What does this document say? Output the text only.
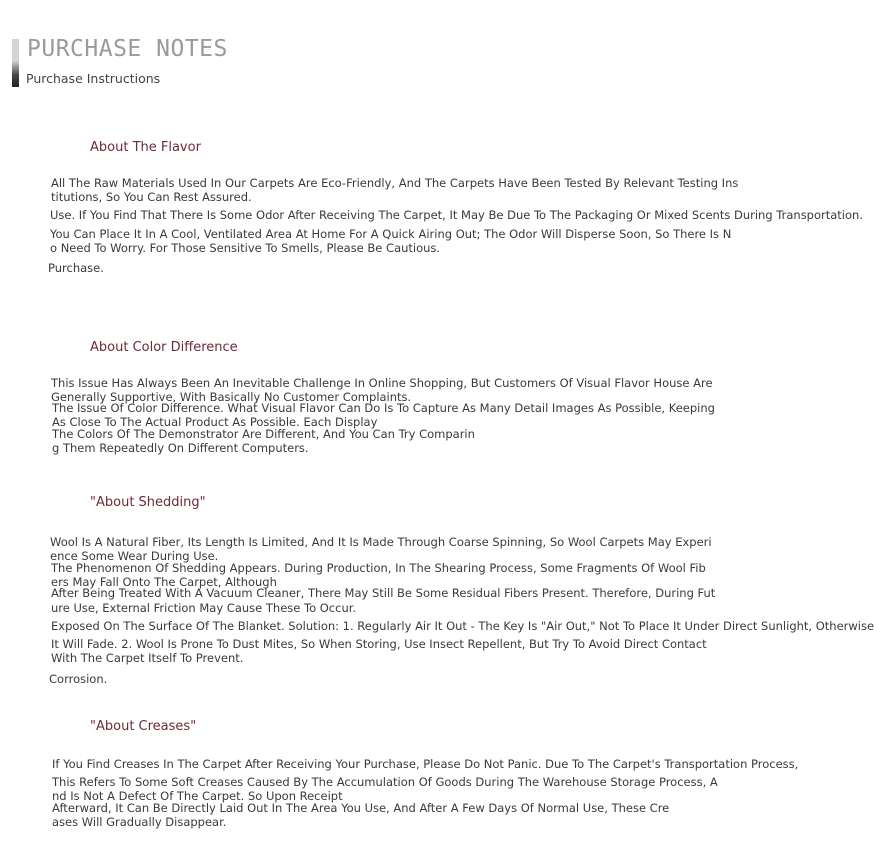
PURCHASE NOTES
Purchase Instructions
About The Flavor
All The Raw Materials Used In Our Carpets Are Eco-Friendly, And The Carpets Have Been Tested By Relevant Testing Ins
titutions, So You Can Rest Assured.
Use. If You Find That There Is Some Odor After Receiving The Carpet, It May Be Due To The Packaging Or Mixed Scents During Transportation.
You Can Place It In A Cool, Ventilated Area At Home For A Quick Airing Out; The Odor Will Disperse Soon, So There Is N
o Need To Worry. For Those Sensitive To Smells, Please Be Cautious.
Purchase.
About Color Difference
This Issue Has Always Been An Inevitable Challenge In Online Shopping, But Customers Of Visual Flavor House Are
Generally Supportive, With Basically No Customer Complaints.
The Issue Of Color Difference. What Visual Flavor Can Do Is To Capture As Many Detail Images As Possible, Keeping
As Close To The Actual Product As Possible. Each Display
The Colors Of The Demonstrator Are Different, And You Can Try Comparin
g Them Repeatedly On Different Computers.
"About Shedding"
Wool Is A Natural Fiber, Its Length Is Limited, And It Is Made Through Coarse Spinning, So Wool Carpets May Experi
ence Some Wear During Use.
The Phenomenon Of Shedding Appears. During Production, In The Shearing Process, Some Fragments Of Wool Fib
ers May Fall Onto The Carpet, Although
After Being Treated With A Vacuum Cleaner, There May Still Be Some Residual Fibers Present. Therefore, During Fut
ure Use, External Friction May Cause These To Occur.
Exposed On The Surface Of The Blanket. Solution: 1. Regularly Air It Out - The Key Is "Air Out," Not To Place It Under Direct Sunlight, Otherwise
It Will Fade. 2. Wool Is Prone To Dust Mites, So When Storing, Use Insect Repellent, But Try To Avoid Direct Contact
With The Carpet Itself To Prevent.
Corrosion.
"About Creases"
If You Find Creases In The Carpet After Receiving Your Purchase, Please Do Not Panic. Due To The Carpet's Transportation Process,
This Refers To Some Soft Creases Caused By The Accumulation Of Goods During The Warehouse Storage Process, A
nd Is Not A Defect Of The Carpet. So Upon Receipt
Afterward, It Can Be Directly Laid Out In The Area You Use, And After A Few Days Of Normal Use, These Cre
ases Will Gradually Disappear.
